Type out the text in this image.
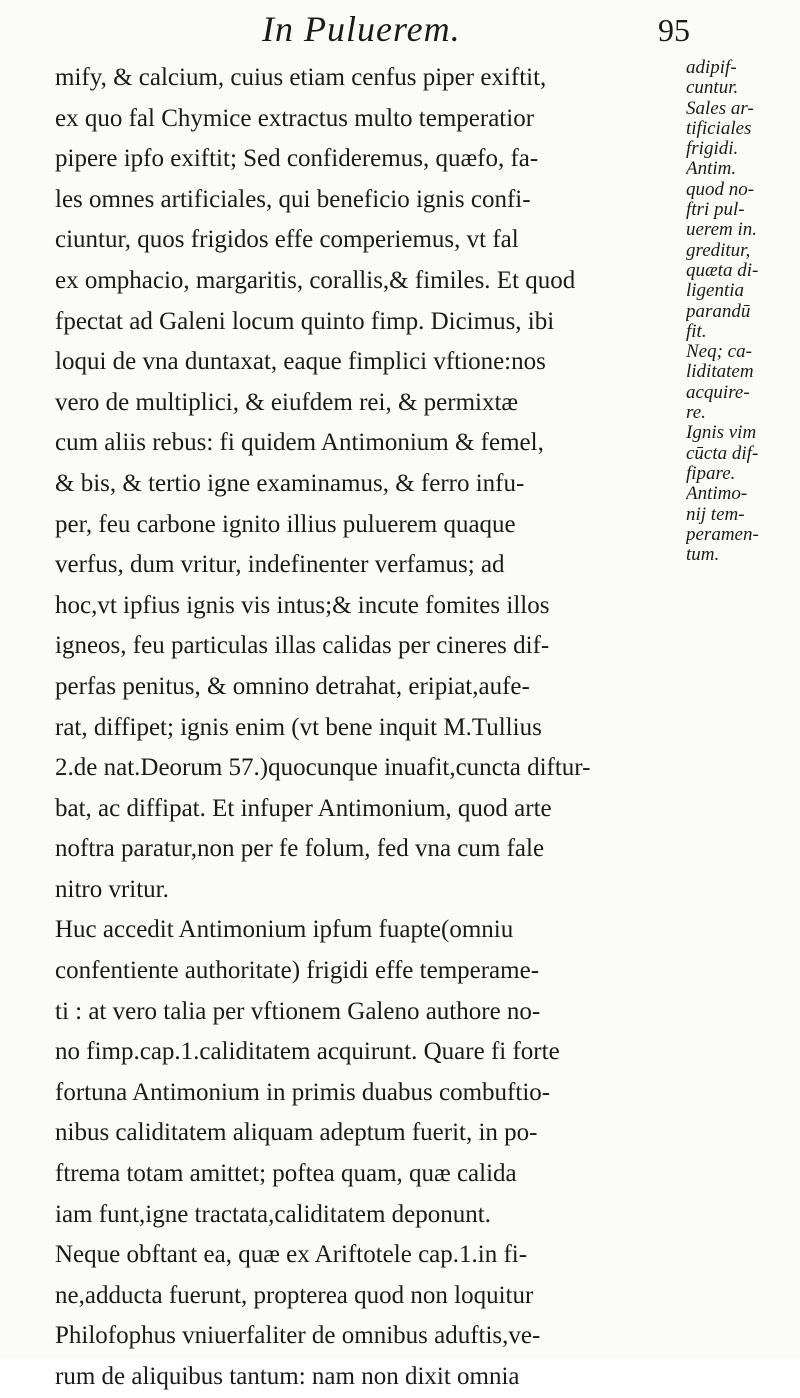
In Puluerem.	95
mify, & calcium, cuius etiam cenfus piper exiftit,
ex quo fal Chymice extractus multo temperatior
pipere ipfo exiftit; Sed confideremus, quæfo, fa-
les omnes artificiales, qui beneficio ignis confi-
ciuntur, quos frigidos effe comperiemus, vt fal
ex omphacio, margaritis, corallis,& fimiles. Et quod
fpectat ad Galeni locum quinto fimp. Dicimus, ibi
loqui de vna duntaxat, eaque fimplici vftione:nos
vero de multiplici, & eiufdem rei, & permixtæ
cum aliis rebus: fi quidem Antimonium & femel,
& bis, & tertio igne examinamus, & ferro infu-
per, feu carbone ignito illius puluerem quaque
verfus, dum vritur, indefinenter verfamus; ad
hoc,vt ipfius ignis vis intus;& incute fomites illos
igneos, feu particulas illas calidas per cineres dif-
perfas penitus, & omnino detrahat, eripiat,aufe-
rat, diffipet; ignis enim (vt bene inquit M.Tullius
2.de nat.Deorum 57.)quocunque inuafit,cuncta diftur-
bat, ac diffipat. Et infuper Antimonium, quod arte
noftra paratur,non per fe folum, fed vna cum fale
nitro vritur.
Huc accedit Antimonium ipfum fuapte(omniu
confentiente authoritate) frigidi effe temperame-
ti : at vero talia per vftionem Galeno authore no-
no fimp.cap.1.caliditatem acquirunt. Quare fi forte
fortuna Antimonium in primis duabus combuftio-
nibus caliditatem aliquam adeptum fuerit, in po-
ftrema totam amittet; poftea quam, quæ calida
iam funt,igne tractata,caliditatem deponunt.
Neque obftant ea, quæ ex Ariftotele cap.1.in fi-
ne,adducta fuerunt, propterea quod non loquitur
Philofophus vniuerfaliter de omnibus aduftis,ve-
rum de aliquibus tantum: nam non dixit omnia
adipif-
cuntur.
Sales ar-
tificiales
frigidi.
Antim.
quod no-
ftri pul-
uerem in.
greditur,
quæta di-
ligentia
parandū
fit.
Neq; ca-
liditatem
acquire-
re.
Ignis vim
cūcta dif-
fipare.
Antimo-
nij tem-
peramen-
tum.
